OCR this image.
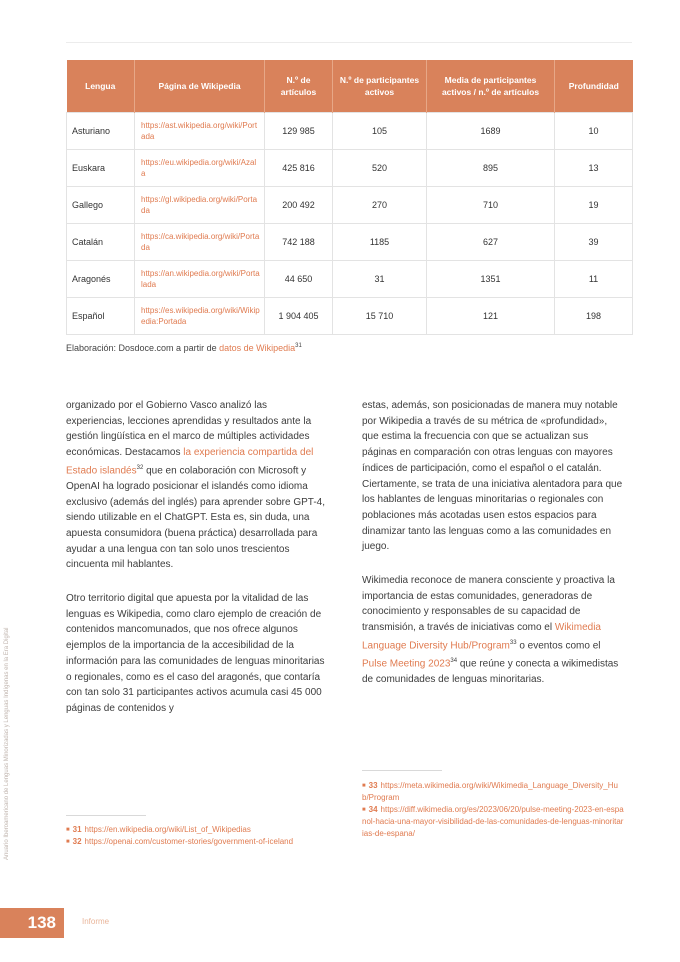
Lengua	Página de Wikipedia	N.º de artículos	N.º de participantes activos	Media de participantes activos / n.º de artículos	Profundidad
Asturiano	https://ast.wikipedia.org/wiki/Portada	129 985	105	1689	10
Euskara	https://eu.wikipedia.org/wiki/Azala	425 816	520	895	13
Gallego	https://gl.wikipedia.org/wiki/Portada	200 492	270	710	19
Catalán	https://ca.wikipedia.org/wiki/Portada	742 188	1185	627	39
Aragonés	https://an.wikipedia.org/wiki/Portalada	44 650	31	1351	11
Español	https://es.wikipedia.org/wiki/Wikipedia:Portada	1 904 405	15 710	121	198
Elaboración: Dosdoce.com a partir de datos de Wikipedia$^{31}$

organizado por el Gobierno Vasco analizó las experiencias, lecciones aprendidas y resultados ante la gestión lingüística en el marco de múltiples actividades económicas. Destacamos la experiencia compartida del Estado islandés$^{32}$ que en colaboración con Microsoft y OpenAI ha logrado posicionar el islandés como idioma exclusivo (además del inglés) para aprender sobre GPT-4, siendo utilizable en el ChatGPT. Esta es, sin duda, una apuesta consumidora (buena práctica) desarrollada para ayudar a una lengua con tan solo unos trescientos cincuenta mil hablantes.

Otro territorio digital que apuesta por la vitalidad de las lenguas es Wikipedia, como claro ejemplo de creación de contenidos mancomunados, que nos ofrece algunos ejemplos de la importancia de la accesibilidad de la información para las comunidades de lenguas minoritarias o regionales, como es el caso del aragonés, que contaría con tan solo 31 participantes activos acumula casi 45 000 páginas de contenidos y

estas, además, son posicionadas de manera muy notable por Wikipedia a través de su métrica de «profundidad», que estima la frecuencia con que se actualizan sus páginas en comparación con otras lenguas con mayores índices de participación, como el español o el catalán. Ciertamente, se trata de una iniciativa alentadora para que los hablantes de lenguas minoritarias o regionales con poblaciones más acotadas usen estos espacios para dinamizar tanto las lenguas como a las comunidades en juego.

Wikimedia reconoce de manera consciente y proactiva la importancia de estas comunidades, generadoras de conocimiento y responsables de su capacidad de transmisión, a través de iniciativas como el Wikimedia Language Diversity Hub/Program$^{33}$ o eventos como el Pulse Meeting 2023$^{34}$ que reúne y conecta a wikimedistas de comunidades de lenguas minoritarias.

■ 31 https://en.wikipedia.org/wiki/List_of_Wikipedias
■ 32 https://openai.com/customer-stories/government-of-iceland
■ 33 https://meta.wikimedia.org/wiki/Wikimedia_Language_Diversity_Hub/Program
■ 34 https://diff.wikimedia.org/es/2023/06/20/pulse-meeting-2023-en-espanol-hacia-una-mayor-visibilidad-de-las-comunidades-de-lenguas-minoritarias-de-espana/
Anuario Iberoamericano de Lenguas Minorizadas y Lenguas Indígenas en la Era Digital
138	Informe
